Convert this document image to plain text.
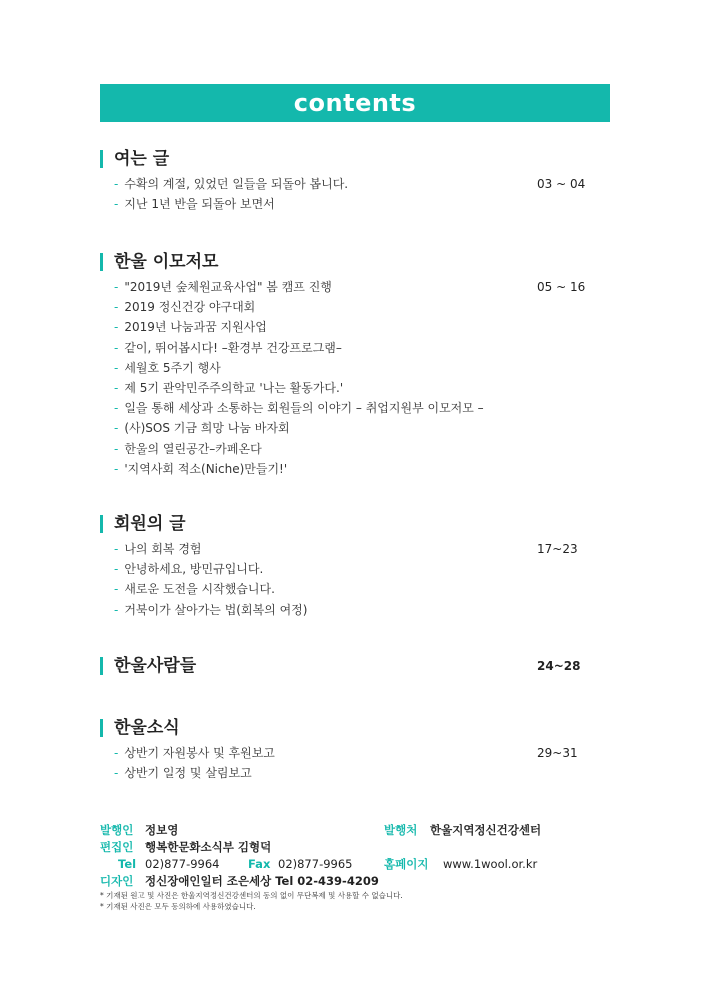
contents
여는 글
- 수확의 계절, 있었던 일들을 되돌아 봅니다.	03 ~ 04
- 지난 1년 반을 되돌아 보면서
한울 이모저모
- "2019년 숲체원교육사업" 봄 캠프 진행	05 ~ 16
- 2019 정신건강 야구대회
- 2019년 나눔과꿈 지원사업
- 같이, 뛰어봅시다! –환경부 건강프로그램–
- 세월호 5주기 행사
- 제 5기 관악민주주의학교 '나는 활동가다.'
- 일을 통해 세상과 소통하는 회원들의 이야기 – 취업지원부 이모저모 –
- (사)SOS 기금 희망 나눔 바자회
- 한울의 열린공간–카페온다
- '지역사회 적소(Niche)만들기!'
회원의 글
- 나의 회복 경험	17~23
- 안녕하세요, 방민규입니다.
- 새로운 도전을 시작했습니다.
- 거북이가 살아가는 법(회복의 여정)
한울사람들	24~28
한울소식
- 상반기 자원봉사 및 후원보고	29~31
- 상반기 일정 및 살림보고
발행인 정보영	발행처 한울지역정신건강센터
편집인 행복한문화소식부 김형덕
Tel 02)877-9964 Fax 02)877-9965	홈페이지 www.1wool.or.kr
디자인 정신장애인일터 조은세상 Tel 02-439-4209
* 기재된 원고 및 사진은 한울지역정신건강센터의 동의 없이 무단복제 및 사용할 수 없습니다.
* 기재된 사진은 모두 동의하에 사용하였습니다.
